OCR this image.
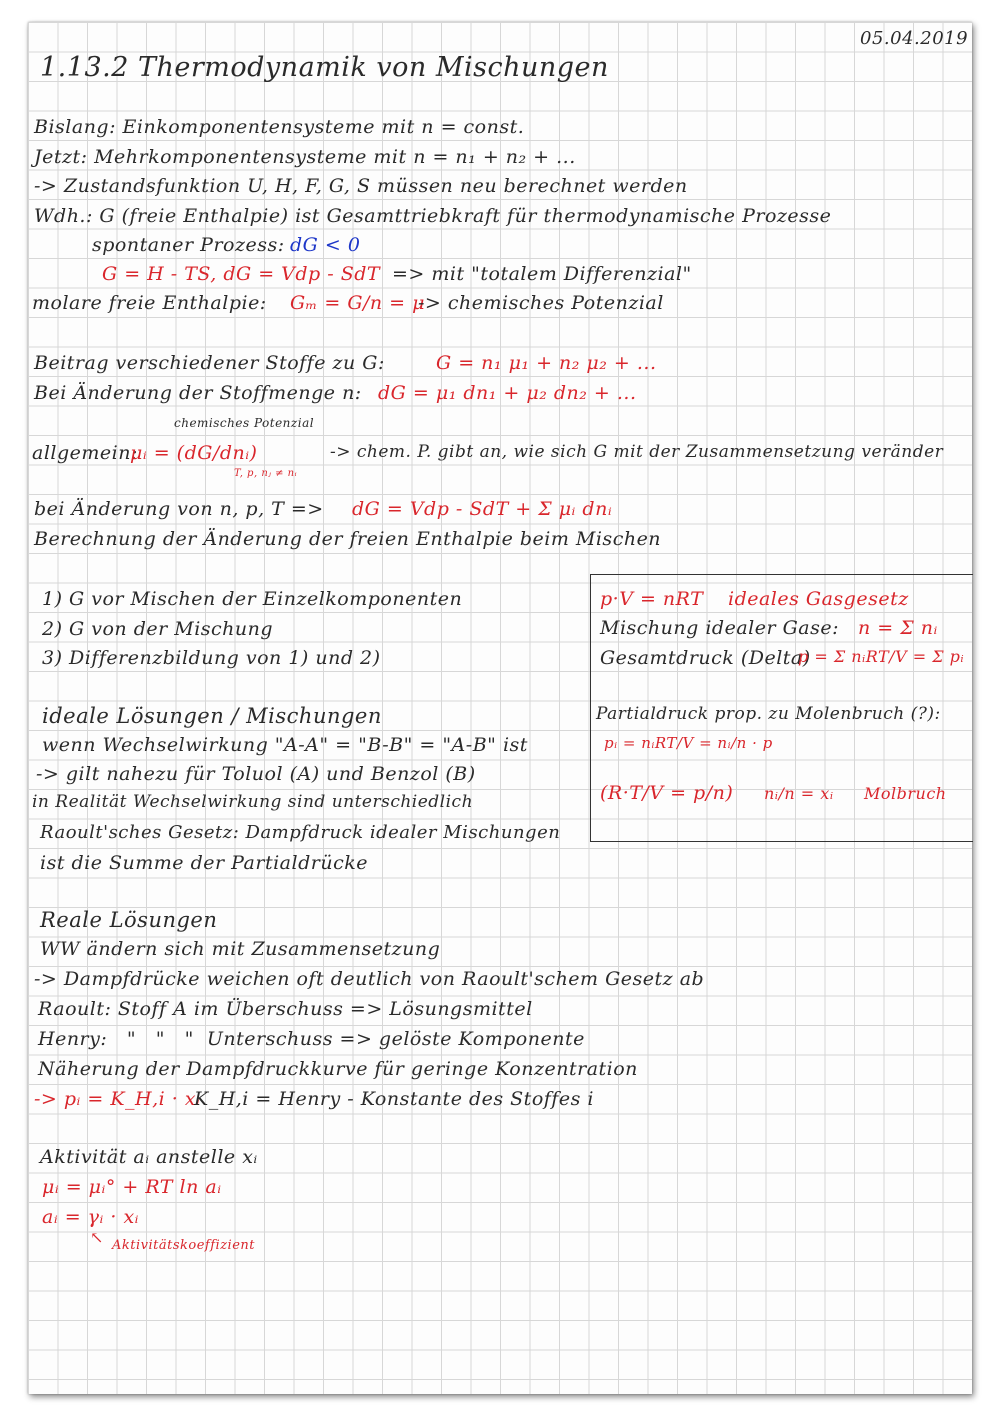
05.04.2019
1.13.2 Thermodynamik von Mischungen
Bislang: Einkomponentensysteme mit n = const.
Jetzt: Mehrkomponentensysteme mit n = n₁ + n₂ + ...
-> Zustandsfunktion U, H, F, G, S müssen neu berechnet werden
Wdh.: G (freie Enthalpie) ist Gesamttriebkraft für thermodynamische Prozesse
spontaner Prozess: dG < 0
G = H - TS, dG = Vdp - SdT => mit "totalem Differenzial"
molare freie Enthalpie: Gₘ = G/n = μ
-> chemisches Potenzial
Beitrag verschiedener Stoffe zu G:	G = n₁ μ₁ + n₂ μ₂ + ...
Bei Änderung der Stoffmenge n: dG = μ₁ dn₁ + μ₂ dn₂ + ...
chemisches Potenzial
allgemein:
μᵢ = (dG/dnᵢ)
T, p, nⱼ ≠ nᵢ
-> chem. P. gibt an, wie sich G mit der Zusammensetzung veränder
bei Änderung von n, p, T => dG = Vdp - SdT + Σ μᵢ dnᵢ
Berechnung der Änderung der freien Enthalpie beim Mischen
1) G vor Mischen der Einzelkomponenten
2) G von der Mischung
3) Differenzbildung von 1) und 2)
p·V = nRT ideales Gasgesetz
Mischung idealer Gase: n = Σ nᵢ
Gesamtdruck (Delta)
p = Σ nᵢRT/V = Σ pᵢ
Partialdruck prop. zu Molenbruch (?):
pᵢ = nᵢRT/V = nᵢ/n · p
(R·T/V = p/n) nᵢ/n = xᵢ Molbruch
ideale Lösungen / Mischungen
wenn Wechselwirkung "A-A" = "B-B" = "A-B" ist
-> gilt nahezu für Toluol (A) und Benzol (B)
in Realität Wechselwirkung sind unterschiedlich
Raoult'sches Gesetz: Dampfdruck idealer Mischungen
ist die Summe der Partialdrücke
Reale Lösungen
WW ändern sich mit Zusammensetzung
-> Dampfdrücke weichen oft deutlich von Raoult'schem Gesetz ab
Raoult: Stoff A im Überschuss => Lösungsmittel
Henry:   "   "   "  Unterschuss => gelöste Komponente
Näherung der Dampfdruckkurve für geringe Konzentration
-> pᵢ = K_H,i · xᵢ
K_H,i = Henry - Konstante des Stoffes i
Aktivität aᵢ anstelle xᵢ
μᵢ = μᵢ° + RT ln aᵢ
aᵢ = γᵢ · xᵢ
↖ Aktivitätskoeffizient
